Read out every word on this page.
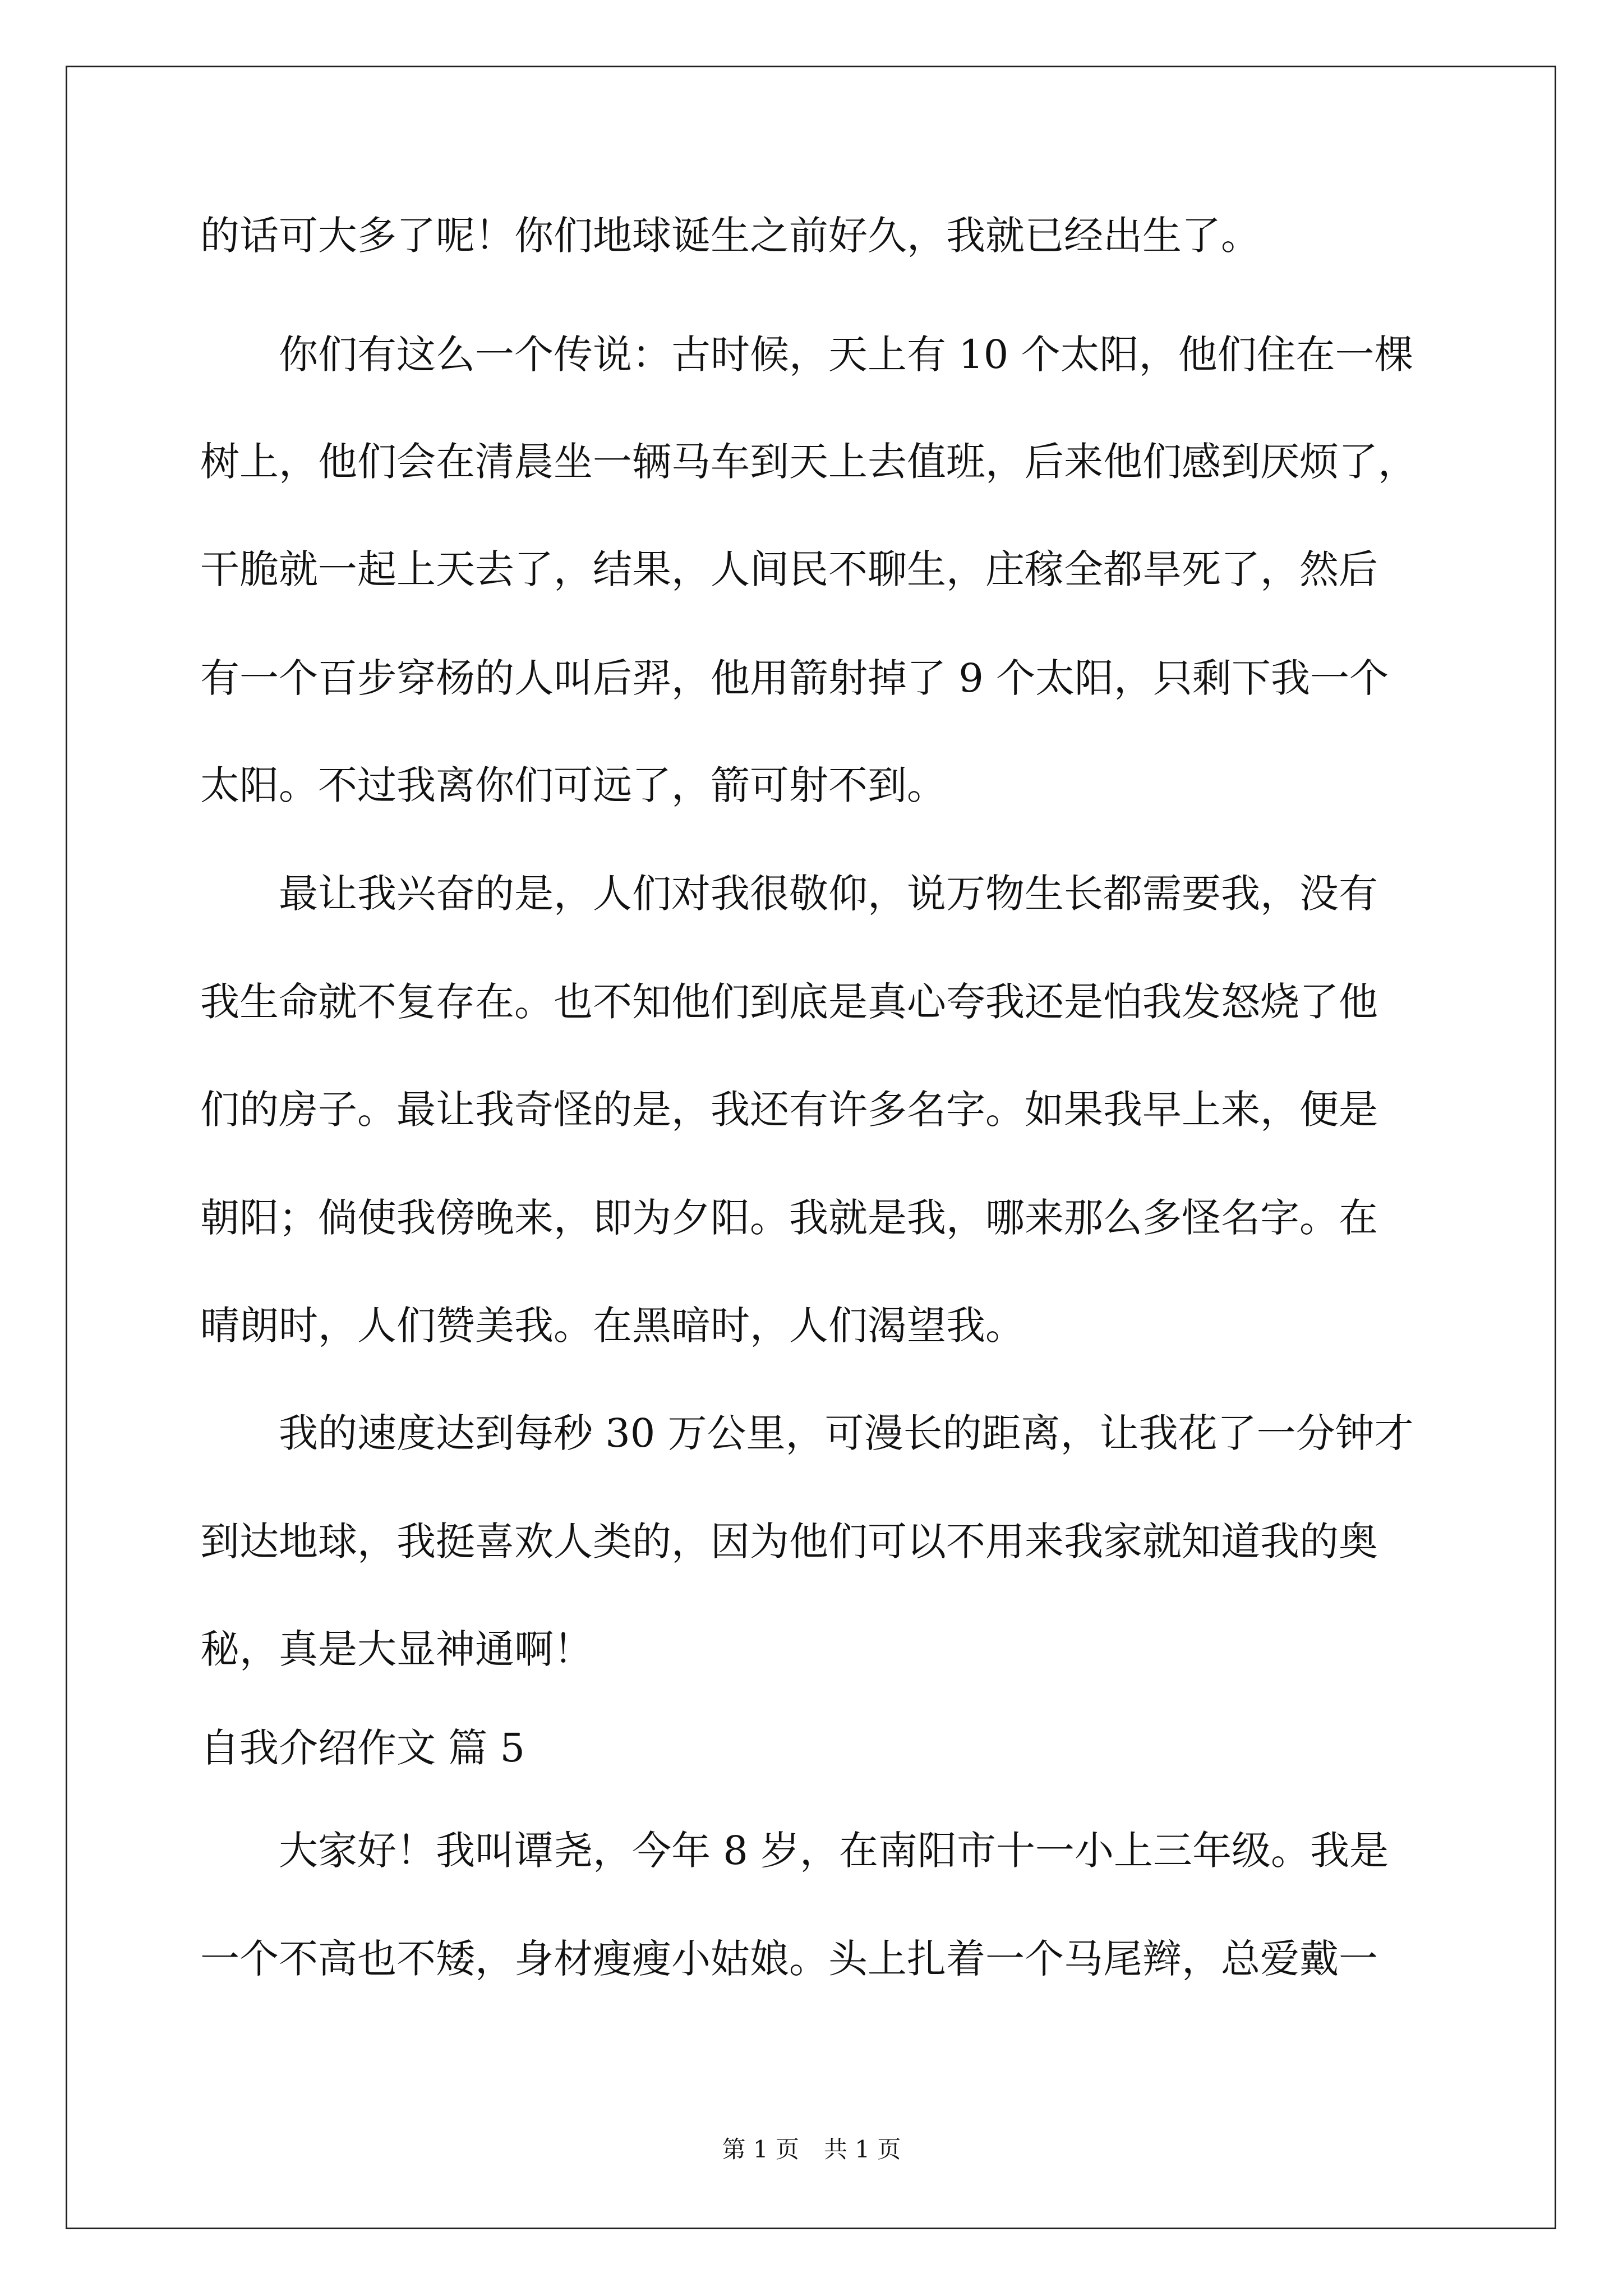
的话可大多了呢！你们地球诞生之前好久，我就已经出生了。
　　你们有这么一个传说：古时候，天上有 10 个太阳，他们住在一棵
树上，他们会在清晨坐一辆马车到天上去值班，后来他们感到厌烦了，
干脆就一起上天去了，结果，人间民不聊生，庄稼全都旱死了，然后
有一个百步穿杨的人叫后羿，他用箭射掉了 9 个太阳，只剩下我一个
太阳。不过我离你们可远了，箭可射不到。
　　最让我兴奋的是，人们对我很敬仰，说万物生长都需要我，没有
我生命就不复存在。也不知他们到底是真心夸我还是怕我发怒烧了他
们的房子。最让我奇怪的是，我还有许多名字。如果我早上来，便是
朝阳；倘使我傍晚来，即为夕阳。我就是我，哪来那么多怪名字。在
晴朗时，人们赞美我。在黑暗时，人们渴望我。
　　我的速度达到每秒 30 万公里，可漫长的距离，让我花了一分钟才
到达地球，我挺喜欢人类的，因为他们可以不用来我家就知道我的奥
秘，真是大显神通啊！
自我介绍作文 篇 5
　　大家好！我叫谭尧，今年 8 岁，在南阳市十一小上三年级。我是
一个不高也不矮，身材瘦瘦小姑娘。头上扎着一个马尾辫，总爱戴一
第 1 页 共 1 页
